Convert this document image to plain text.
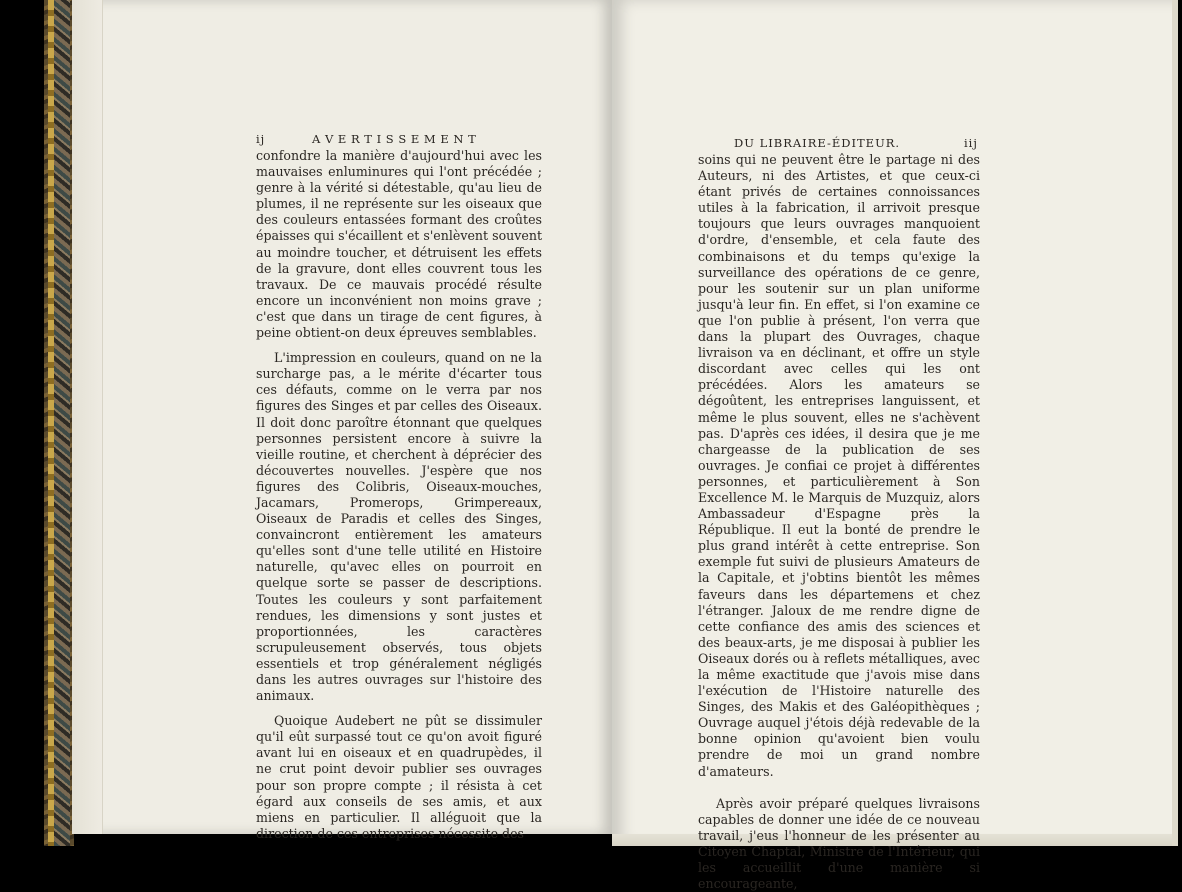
ij	A V E R T I S S E M E N T

confondre la manière d'aujourd'hui avec les mauvaises enluminures qui l'ont précédée ; genre à la vérité si détestable, qu'au lieu de plumes, il ne représente sur les oiseaux que des couleurs entassées formant des croûtes épaisses qui s'écaillent et s'enlèvent souvent au moindre toucher, et détruisent les effets de la gravure, dont elles couvrent tous les travaux. De ce mauvais procédé résulte encore un inconvénient non moins grave ; c'est que dans un tirage de cent figures, à peine obtient-on deux épreuves semblables.

L'impression en couleurs, quand on ne la surcharge pas, a le mérite d'écarter tous ces défauts, comme on le verra par nos figures des Singes et par celles des Oiseaux. Il doit donc paroître étonnant que quelques personnes persistent encore à suivre la vieille routine, et cherchent à déprécier des découvertes nouvelles. J'espère que nos figures des Colibris, Oiseaux-mouches, Jacamars, Promerops, Grimpereaux, Oiseaux de Paradis et celles des Singes, convaincront entièrement les amateurs qu'elles sont d'une telle utilité en Histoire naturelle, qu'avec elles on pourroit en quelque sorte se passer de descriptions. Toutes les couleurs y sont parfaitement rendues, les dimensions y sont justes et proportionnées, les caractères scrupuleusement observés, tous objets essentiels et trop généralement négligés dans les autres ouvrages sur l'histoire des animaux.

Quoique Audebert ne pût se dissimuler qu'il eût surpassé tout ce qu'on avoit figuré avant lui en oiseaux et en quadrupèdes, il ne crut point devoir publier ses ouvrages pour son propre compte ; il résista à cet égard aux conseils de ses amis, et aux miens en particulier. Il alléguoit que la direction de ces entreprises nécessite des

DU LIBRAIRE-ÉDITEUR.	iij

soins qui ne peuvent être le partage ni des Auteurs, ni des Artistes, et que ceux-ci étant privés de certaines connoissances utiles à la fabrication, il arrivoit presque toujours que leurs ouvrages manquoient d'ordre, d'ensemble, et cela faute des combinaisons et du temps qu'exige la surveillance des opérations de ce genre, pour les soutenir sur un plan uniforme jusqu'à leur fin. En effet, si l'on examine ce que l'on publie à présent, l'on verra que dans la plupart des Ouvrages, chaque livraison va en déclinant, et offre un style discordant avec celles qui les ont précédées. Alors les amateurs se dégoûtent, les entreprises languissent, et même le plus souvent, elles ne s'achèvent pas. D'après ces idées, il desira que je me chargeasse de la publication de ses ouvrages. Je confiai ce projet à différentes personnes, et particulièrement à Son Excellence M. le Marquis de Muzquiz, alors Ambassadeur d'Espagne près la République. Il eut la bonté de prendre le plus grand intérêt à cette entreprise. Son exemple fut suivi de plusieurs Amateurs de la Capitale, et j'obtins bientôt les mêmes faveurs dans les départemens et chez l'étranger. Jaloux de me rendre digne de cette confiance des amis des sciences et des beaux-arts, je me disposai à publier les Oiseaux dorés ou à reflets métalliques, avec la même exactitude que j'avois mise dans l'exécution de l'Histoire naturelle des Singes, des Makis et des Galéopithèques ; Ouvrage auquel j'étois déjà redevable de la bonne opinion qu'avoient bien voulu prendre de moi un grand nombre d'amateurs.

Après avoir préparé quelques livraisons capables de donner une idée de ce nouveau travail, j'eus l'honneur de les présenter au Citoyen Chaptal, Ministre de l'Intérieur, qui les accueillit d'une manière si encourageante,
